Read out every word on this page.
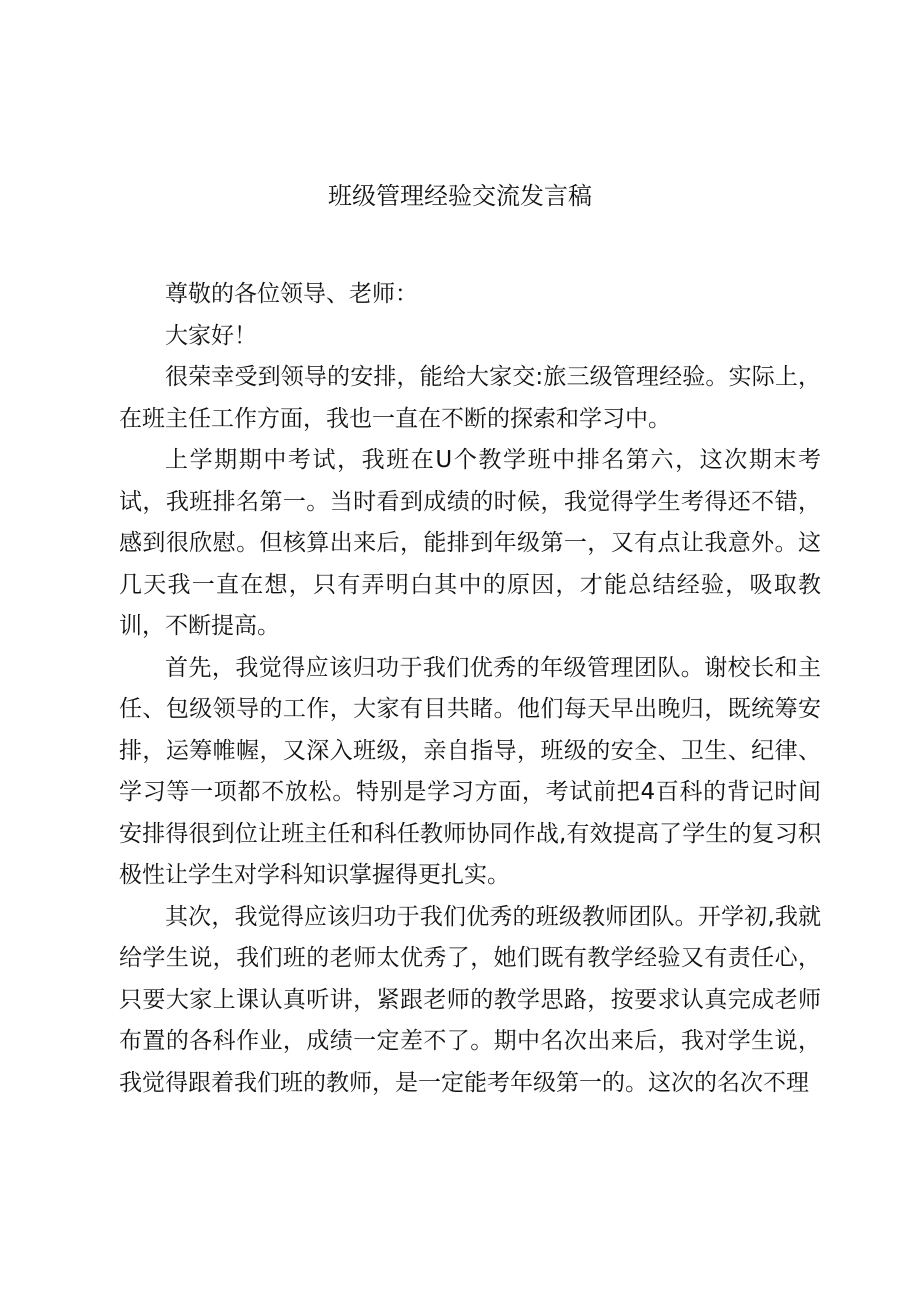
班级管理经验交流发言稿

尊敬的各位领导、老师：

大家好！

很荣幸受到领导的安排，能给大家交:旅三级管理经验。实际上，在班主任工作方面，我也一直在不断的探索和学习中。

上学期期中考试，我班在U个教学班中排名第六，这次期末考试，我班排名第一。当时看到成绩的时候，我觉得学生考得还不错，感到很欣慰。但核算出来后，能排到年级第一，又有点让我意外。这几天我一直在想，只有弄明白其中的原因，才能总结经验，吸取教训，不断提高。

首先，我觉得应该归功于我们优秀的年级管理团队。谢校长和主任、包级领导的工作，大家有目共睹。他们每天早出晚归，既统筹安排，运筹帷幄，又深入班级，亲自指导，班级的安全、卫生、纪律、学习等一项都不放松。特别是学习方面，考试前把4百科的背记时间安排得很到位让班主任和科任教师协同作战,有效提高了学生的复习积极性让学生对学科知识掌握得更扎实。

其次，我觉得应该归功于我们优秀的班级教师团队。开学初,我就给学生说，我们班的老师太优秀了，她们既有教学经验又有责任心，只要大家上课认真听讲，紧跟老师的教学思路，按要求认真完成老师布置的各科作业，成绩一定差不了。期中名次出来后，我对学生说，我觉得跟着我们班的教师，是一定能考年级第一的。这次的名次不理
